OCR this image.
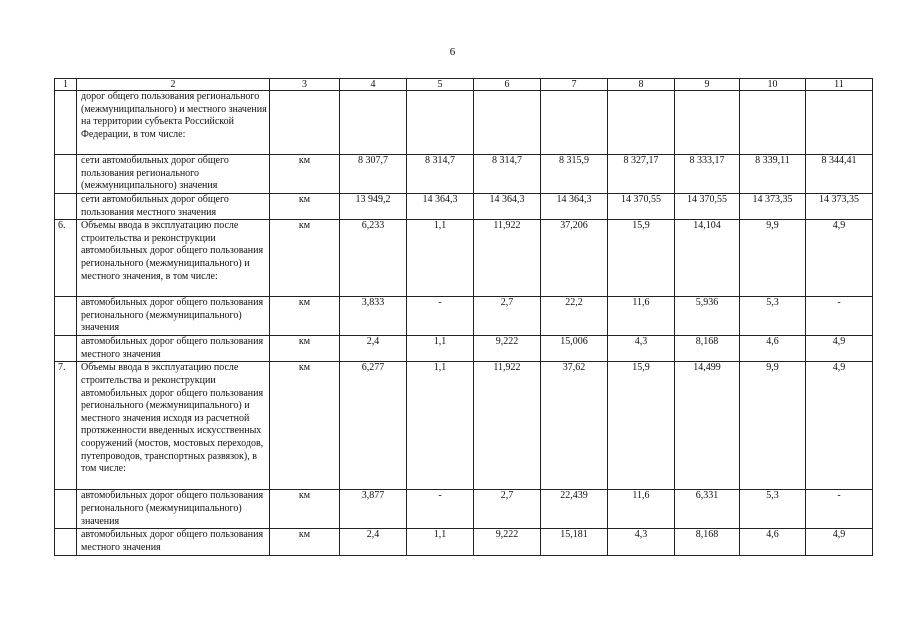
6
1	2	3	4	5	6	7	8	9	10	11
	дорог общего пользования регионального (межмуниципального) и местного значения на территории субъекта Российской Федерации, в том числе:									
	сети автомобильных дорог общего пользования регионального (межмуниципального) значения	км	8 307,7	8 314,7	8 314,7	8 315,9	8 327,17	8 333,17	8 339,11	8 344,41
	сети автомобильных дорог общего пользования местного значения	км	13 949,2	14 364,3	14 364,3	14 364,3	14 370,55	14 370,55	14 373,35	14 373,35
6.	Объемы ввода в эксплуатацию после строительства и реконструкции автомобильных дорог общего пользования регионального (межмуниципального) и местного значения, в том числе:	км	6,233	1,1	11,922	37,206	15,9	14,104	9,9	4,9
	автомобильных дорог общего пользования регионального (межмуниципального) значения	км	3,833	-	2,7	22,2	11,6	5,936	5,3	-
	автомобильных дорог общего пользования местного значения	км	2,4	1,1	9,222	15,006	4,3	8,168	4,6	4,9
7.	Объемы ввода в эксплуатацию после строительства и реконструкции автомобильных дорог общего пользования регионального (межмуниципального) и местного значения исходя из расчетной протяженности введенных искусственных сооружений (мостов, мостовых переходов, путепроводов, транспортных развязок), в том числе:	км	6,277	1,1	11,922	37,62	15,9	14,499	9,9	4,9
	автомобильных дорог общего пользования регионального (межмуниципального) значения	км	3,877	-	2,7	22,439	11,6	6,331	5,3	-
	автомобильных дорог общего пользования местного значения	км	2,4	1,1	9,222	15,181	4,3	8,168	4,6	4,9
